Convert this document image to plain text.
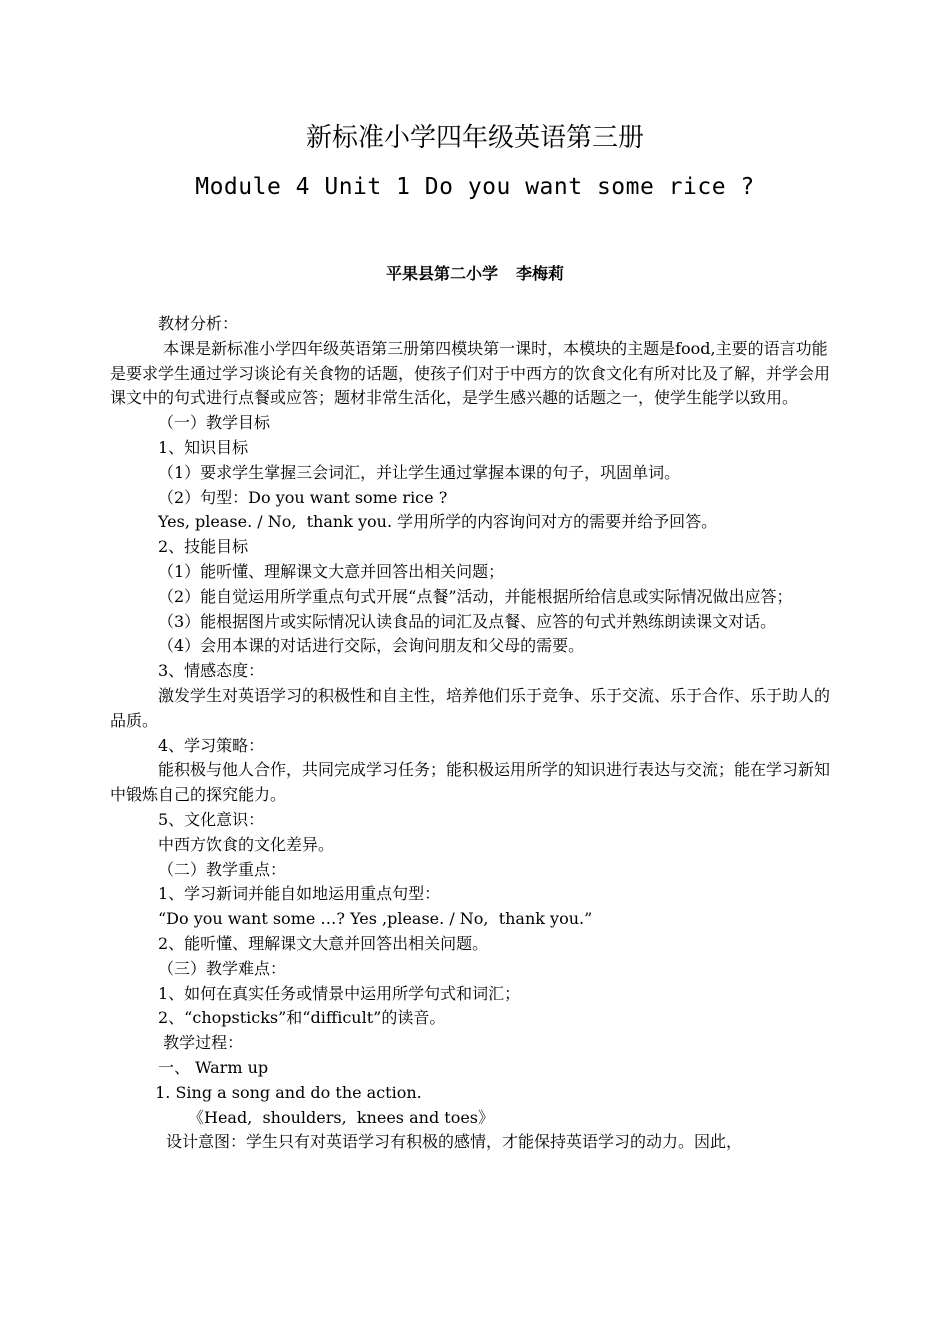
新标准小学四年级英语第三册
Module 4 Unit 1 Do you want some rice ?
平果县第二小学 李梅莉

教材分析：

本课是新标准小学四年级英语第三册第四模块第一课时，本模块的主题是food,主要的语言功能是要求学生通过学习谈论有关食物的话题，使孩子们对于中西方的饮食文化有所对比及了解，并学会用课文中的句式进行点餐或应答；题材非常生活化，是学生感兴趣的话题之一，使学生能学以致用。

（一）教学目标

1、知识目标

（1）要求学生掌握三会词汇，并让学生通过掌握本课的句子，巩固单词。

（2）句型：Do you want some rice ?

Yes, please. / No,  thank you. 学用所学的内容询问对方的需要并给予回答。

2、技能目标

（1）能听懂、理解课文大意并回答出相关问题；

（2）能自觉运用所学重点句式开展“点餐”活动，并能根据所给信息或实际情况做出应答；

（3）能根据图片或实际情况认读食品的词汇及点餐、应答的句式并熟练朗读课文对话。

（4）会用本课的对话进行交际，会询问朋友和父母的需要。

3、情感态度：

激发学生对英语学习的积极性和自主性，培养他们乐于竞争、乐于交流、乐于合作、乐于助人的品质。

4、学习策略：

能积极与他人合作，共同完成学习任务；能积极运用所学的知识进行表达与交流；能在学习新知中锻炼自己的探究能力。

5、文化意识：

中西方饮食的文化差异。

（二）教学重点：

1、学习新词并能自如地运用重点句型：

“Do you want some …? Yes ,please. / No,  thank you.”

2、能听懂、理解课文大意并回答出相关问题。

（三）教学难点：

1、如何在真实任务或情景中运用所学句式和词汇；

2、“chopsticks”和“difficult”的读音。

教学过程：

一、 Warm up

1. Sing a song and do the action.

《Head,  shoulders,  knees and toes》

设计意图：学生只有对英语学习有积极的感情，才能保持英语学习的动力。因此，
